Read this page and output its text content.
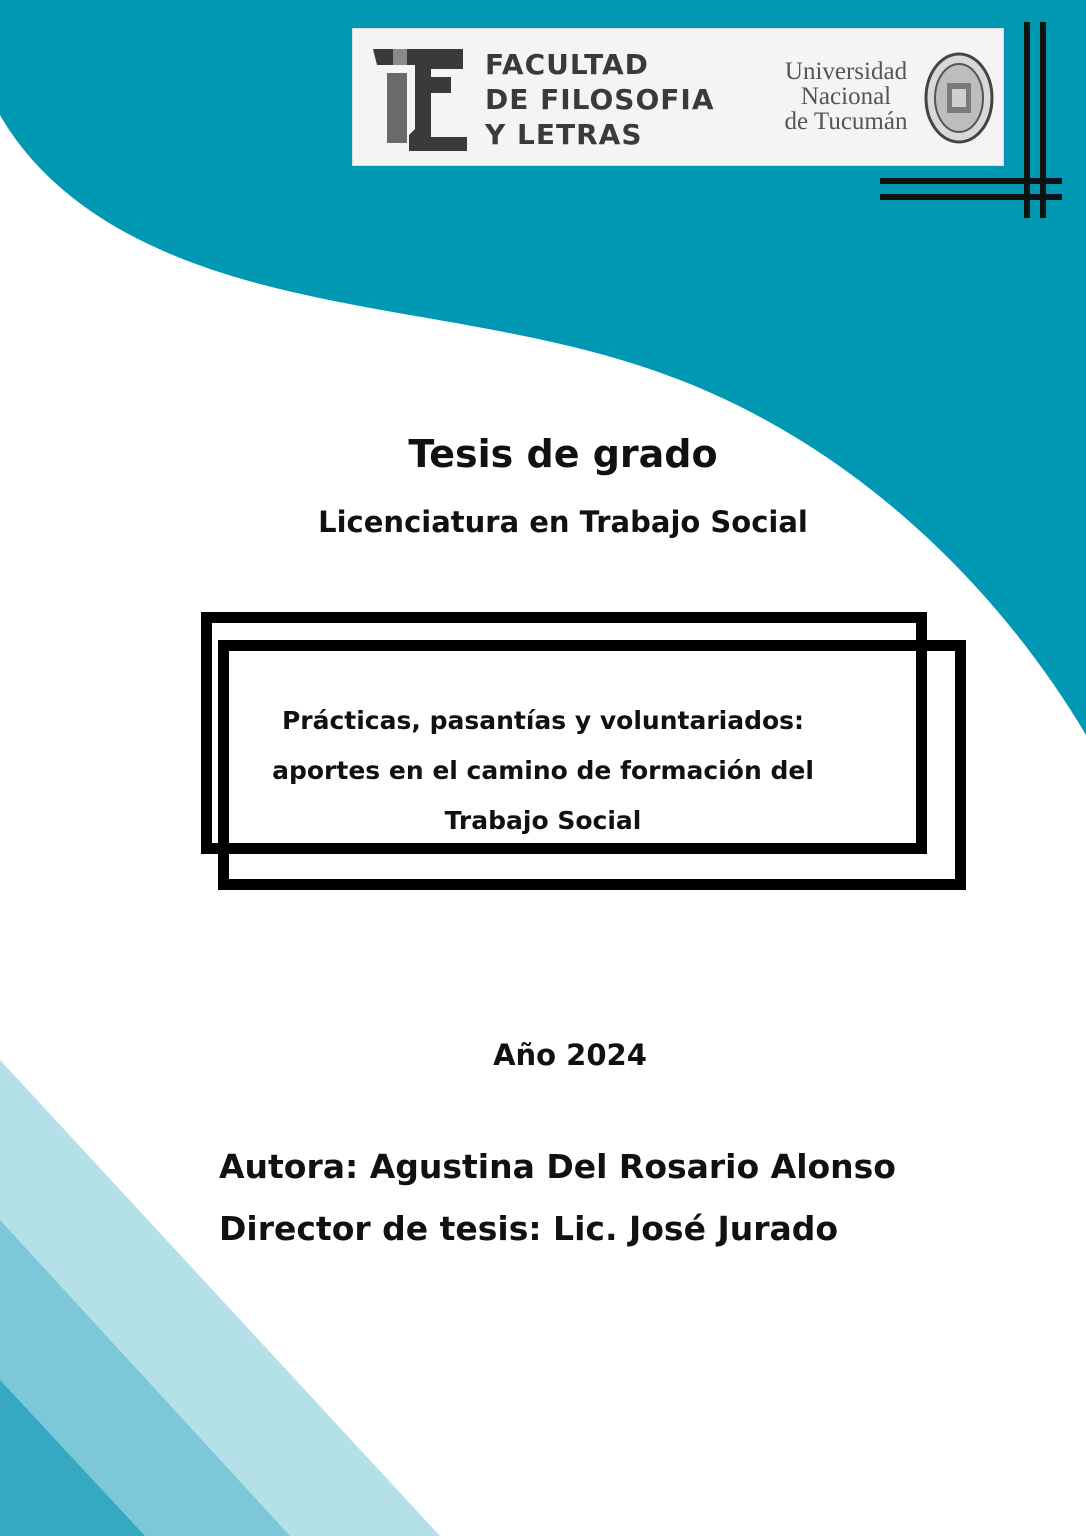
FACULTAD
DE FILOSOFIA
Y LETRAS
Universidad
Nacional
de Tucumán
Tesis de grado
Licenciatura en Trabajo Social
Prácticas, pasantías y voluntariados:
aportes en el camino de formación del
Trabajo Social
Año 2024
Autora: Agustina Del Rosario Alonso
Director de tesis: Lic. José Jurado
